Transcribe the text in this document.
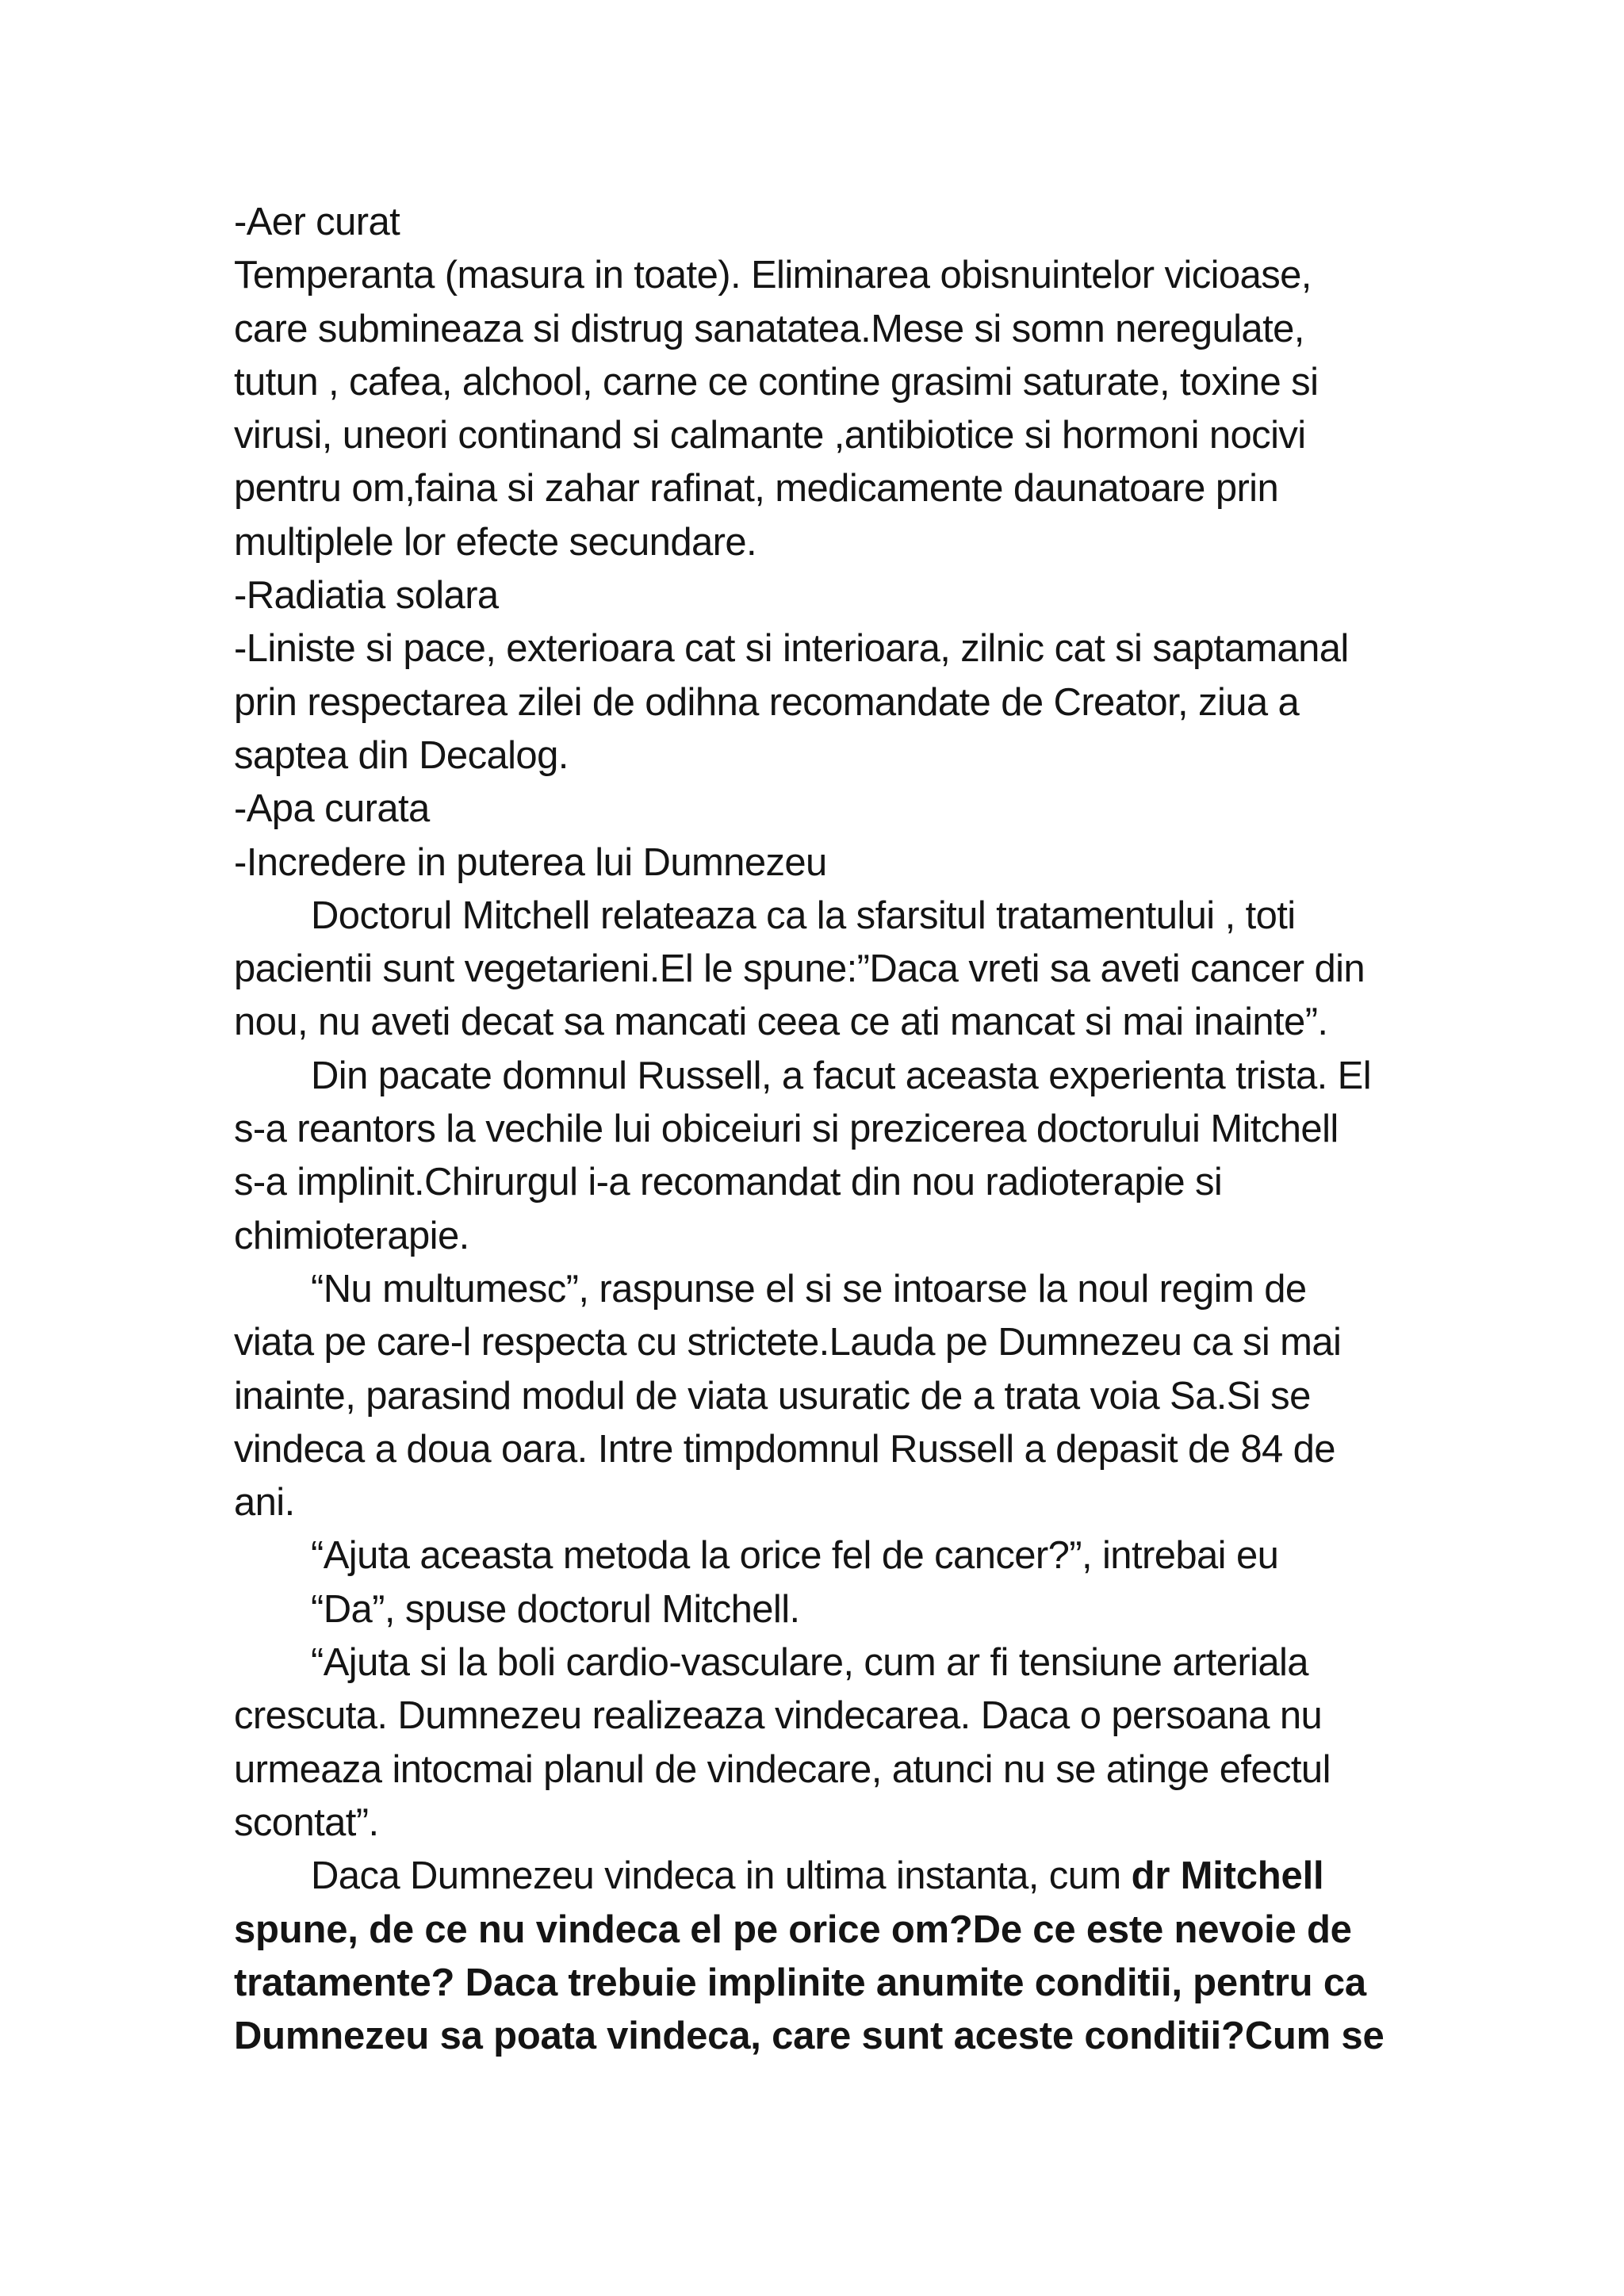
-Aer curat
Temperanta (masura in toate). Eliminarea obisnuintelor vicioase,
care submineaza si distrug sanatatea.Mese si somn neregulate,
tutun , cafea, alchool, carne ce contine grasimi saturate, toxine si
virusi, uneori continand si calmante ,antibiotice si hormoni nocivi
pentru om,faina si zahar rafinat, medicamente daunatoare prin
multiplele lor efecte secundare.
-Radiatia solara
-Liniste si pace, exterioara cat si interioara, zilnic cat si saptamanal
prin respectarea zilei de odihna recomandate de Creator, ziua a
saptea din Decalog.
-Apa curata
-Incredere in puterea lui Dumnezeu
Doctorul Mitchell relateaza ca la sfarsitul tratamentului , toti
pacientii sunt vegetarieni.El le spune:”Daca vreti sa aveti cancer din
nou, nu aveti decat sa mancati ceea ce ati mancat si mai inainte”.
Din pacate domnul Russell, a facut aceasta experienta trista. El
s-a reantors la vechile lui obiceiuri si prezicerea doctorului Mitchell
s-a implinit.Chirurgul i-a recomandat din nou radioterapie si
chimioterapie.
“Nu multumesc”, raspunse el si se intoarse la noul regim de
viata pe care-l respecta cu strictete.Lauda pe Dumnezeu ca si mai
inainte, parasind modul de viata usuratic de a trata voia Sa.Si se
vindeca a doua oara. Intre timpdomnul Russell a depasit de 84 de
ani.
“Ajuta aceasta metoda la orice fel de cancer?”, intrebai eu
“Da”, spuse doctorul Mitchell.
“Ajuta si la boli cardio-vasculare, cum ar fi tensiune arteriala
crescuta. Dumnezeu realizeaza vindecarea. Daca o persoana nu
urmeaza intocmai planul de vindecare, atunci nu se atinge efectul
scontat”.
Daca Dumnezeu vindeca in ultima instanta, cum dr Mitchell
spune, de ce nu vindeca el pe orice om?De ce este nevoie de
tratamente? Daca trebuie implinite anumite conditii, pentru ca
Dumnezeu sa poata vindeca, care sunt aceste conditii?Cum se
